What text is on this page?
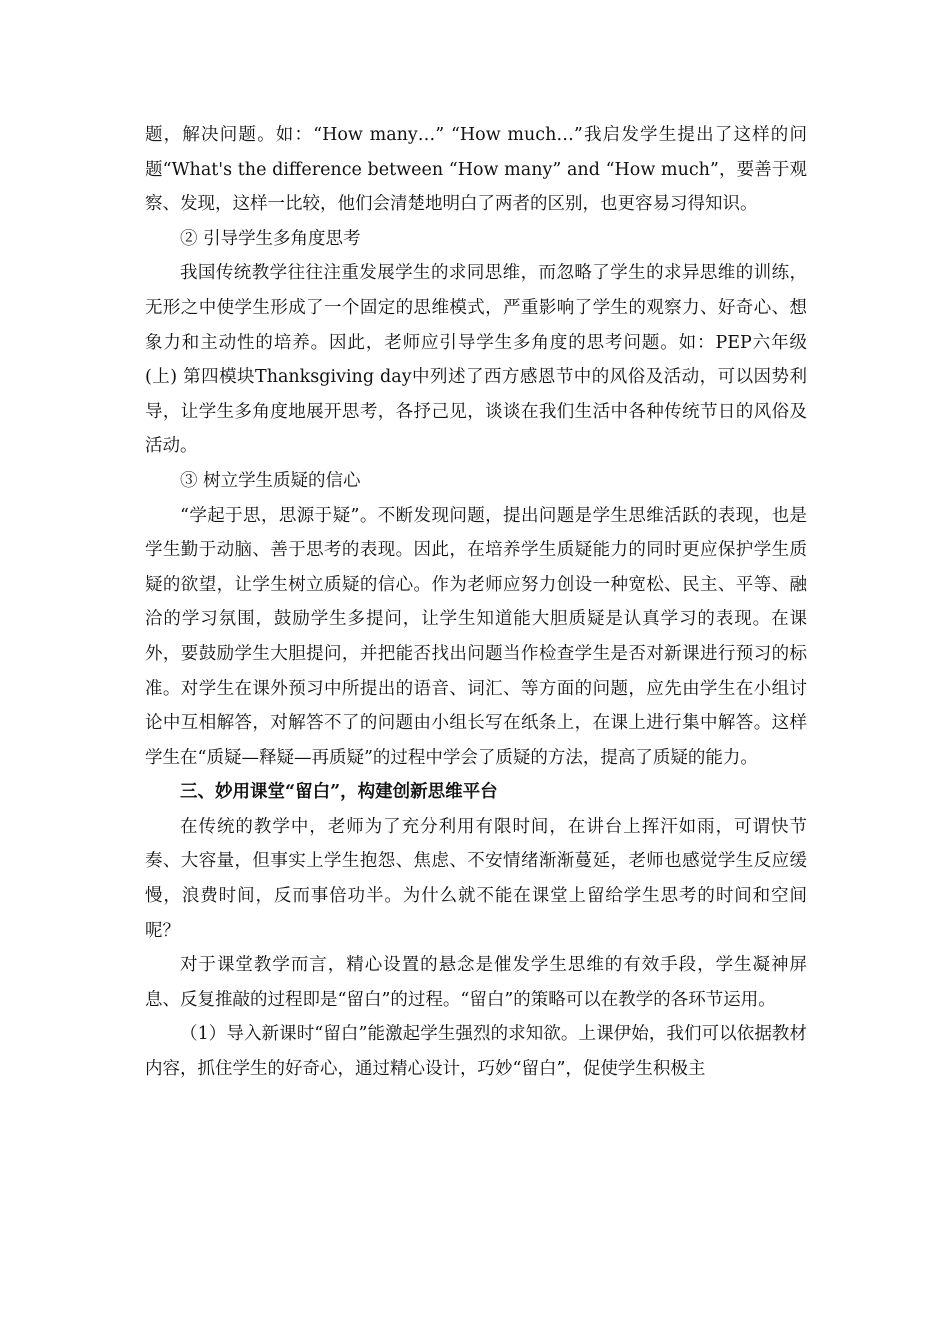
题，解决问题。如：“How many…” “How much…”我启发学生提出了这样的问题“What's the difference between “How many” and “How much”，要善于观察、发现，这样一比较，他们会清楚地明白了两者的区别，也更容易习得知识。

② 引导学生多角度思考

我国传统教学往往注重发展学生的求同思维，而忽略了学生的求异思维的训练，无形之中使学生形成了一个固定的思维模式，严重影响了学生的观察力、好奇心、想象力和主动性的培养。因此，老师应引导学生多角度的思考问题。如：PEP六年级(上) 第四模块Thanksgiving day中列述了西方感恩节中的风俗及活动，可以因势利导，让学生多角度地展开思考，各抒己见，谈谈在我们生活中各种传统节日的风俗及活动。

③ 树立学生质疑的信心

“学起于思，思源于疑”。不断发现问题，提出问题是学生思维活跃的表现，也是学生勤于动脑、善于思考的表现。因此，在培养学生质疑能力的同时更应保护学生质疑的欲望，让学生树立质疑的信心。作为老师应努力创设一种宽松、民主、平等、融洽的学习氛围，鼓励学生多提问，让学生知道能大胆质疑是认真学习的表现。在课外，要鼓励学生大胆提问，并把能否找出问题当作检查学生是否对新课进行预习的标准。对学生在课外预习中所提出的语音、词汇、等方面的问题，应先由学生在小组讨论中互相解答，对解答不了的问题由小组长写在纸条上，在课上进行集中解答。这样学生在“质疑—释疑—再质疑”的过程中学会了质疑的方法，提高了质疑的能力。

三、妙用课堂“留白”，构建创新思维平台

在传统的教学中，老师为了充分利用有限时间，在讲台上挥汗如雨，可谓快节奏、大容量，但事实上学生抱怨、焦虑、不安情绪渐渐蔓延，老师也感觉学生反应缓慢，浪费时间，反而事倍功半。为什么就不能在课堂上留给学生思考的时间和空间呢？

对于课堂教学而言，精心设置的悬念是催发学生思维的有效手段，学生凝神屏息、反复推敲的过程即是“留白”的过程。“留白”的策略可以在教学的各环节运用。

（1）导入新课时“留白”能激起学生强烈的求知欲。上课伊始，我们可以依据教材内容，抓住学生的好奇心，通过精心设计，巧妙“留白”，促使学生积极主
